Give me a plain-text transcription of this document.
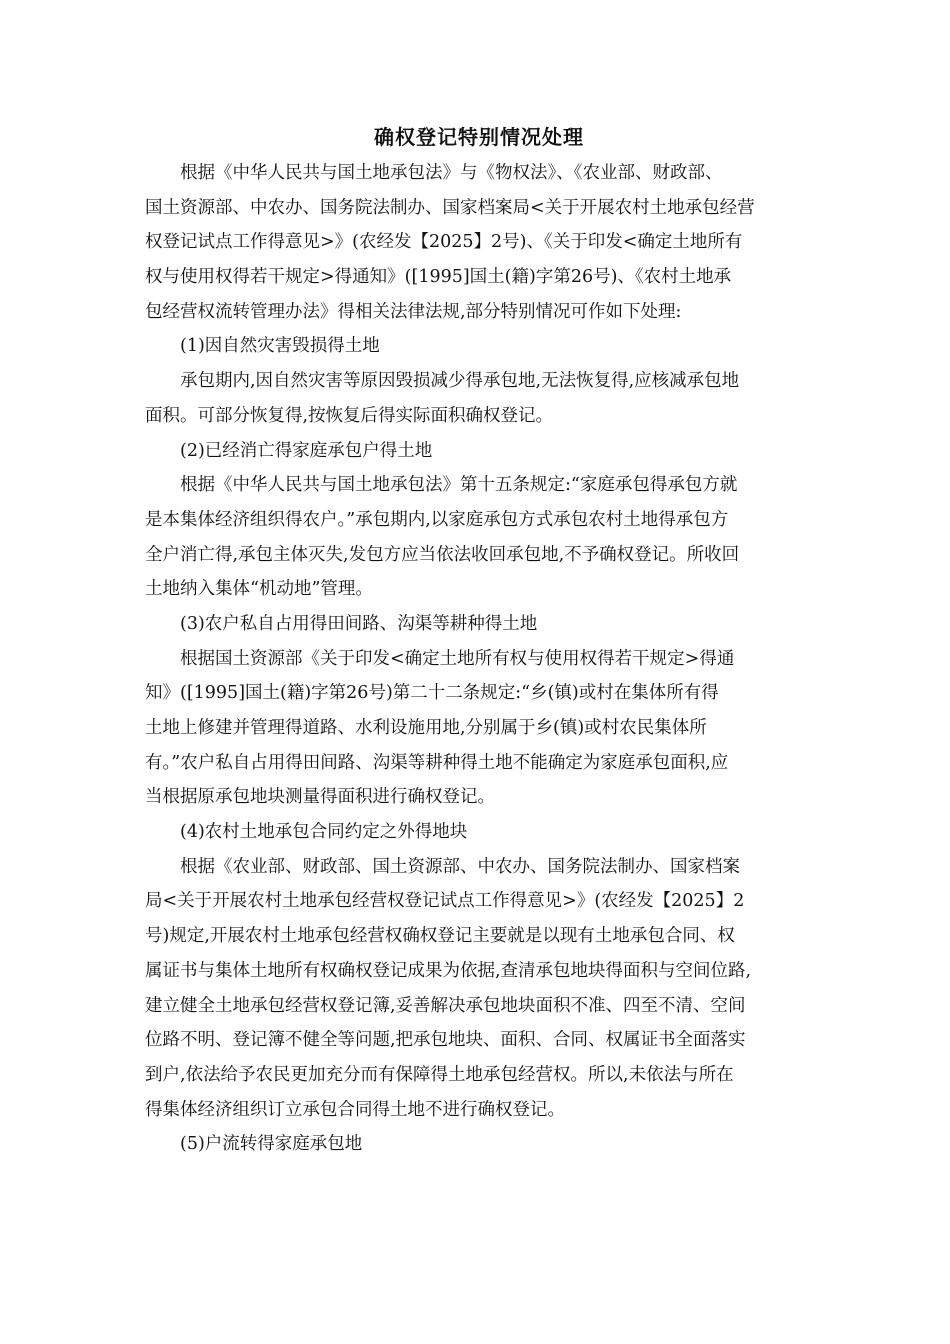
确权登记特别情况处理
根据《中华人民共与国土地承包法》与《物权法》、《农业部、财政部、
国土资源部、中农办、国务院法制办、国家档案局<关于开展农村土地承包经营
权登记试点工作得意见>》(农经发【2025】2号)、《关于印发<确定土地所有
权与使用权得若干规定>得通知》([1995]国土(籍)字第26号)、《农村土地承
包经营权流转管理办法》得相关法律法规,部分特别情况可作如下处理:
(1)因自然灾害毁损得土地
承包期内,因自然灾害等原因毁损减少得承包地,无法恢复得,应核减承包地
面积。可部分恢复得,按恢复后得实际面积确权登记。
(2)已经消亡得家庭承包户得土地
根据《中华人民共与国土地承包法》第十五条规定:“家庭承包得承包方就
是本集体经济组织得农户。”承包期内,以家庭承包方式承包农村土地得承包方
全户消亡得,承包主体灭失,发包方应当依法收回承包地,不予确权登记。所收回
土地纳入集体“机动地”管理。
(3)农户私自占用得田间路、沟渠等耕种得土地
根据国土资源部《关于印发<确定土地所有权与使用权得若干规定>得通
知》([1995]国土(籍)字第26号)第二十二条规定:“乡(镇)或村在集体所有得
土地上修建并管理得道路、水利设施用地,分别属于乡(镇)或村农民集体所
有。”农户私自占用得田间路、沟渠等耕种得土地不能确定为家庭承包面积,应
当根据原承包地块测量得面积进行确权登记。
(4)农村土地承包合同约定之外得地块
根据《农业部、财政部、国土资源部、中农办、国务院法制办、国家档案
局<关于开展农村土地承包经营权登记试点工作得意见>》(农经发【2025】2
号)规定,开展农村土地承包经营权确权登记主要就是以现有土地承包合同、权
属证书与集体土地所有权确权登记成果为依据,查清承包地块得面积与空间位路,
建立健全土地承包经营权登记簿,妥善解决承包地块面积不准、四至不清、空间
位路不明、登记簿不健全等问题,把承包地块、面积、合同、权属证书全面落实
到户,依法给予农民更加充分而有保障得土地承包经营权。所以,未依法与所在
得集体经济组织订立承包合同得土地不进行确权登记。
(5)户流转得家庭承包地
